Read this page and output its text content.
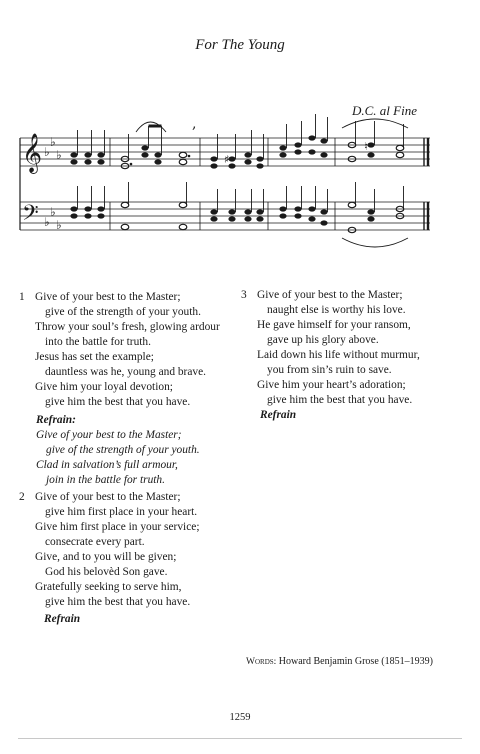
For The Young
D.C. al Fine
𝄞
𝄢
♭
♭
♭
♭
♭
♭
♯
♮
,
1 Give of your best to the Master;
give of the strength of your youth.
Throw your soul’s fresh, glowing ardour
into the battle for truth.
Jesus has set the example;
dauntless was he, young and brave.
Give him your loyal devotion;
give him the best that you have.
Refrain:
Give of your best to the Master;
give of the strength of your youth.
Clad in salvation’s full armour,
join in the battle for truth.
2 Give of your best to the Master;
give him first place in your heart.
Give him first place in your service;
consecrate every part.
Give, and to you will be given;
God his belovèd Son gave.
Gratefully seeking to serve him,
give him the best that you have.
Refrain
3 Give of your best to the Master;
naught else is worthy his love.
He gave himself for your ransom,
gave up his glory above.
Laid down his life without murmur,
you from sin’s ruin to save.
Give him your heart’s adoration;
give him the best that you have.
Refrain
Words: Howard Benjamin Grose (1851–1939)
1259
